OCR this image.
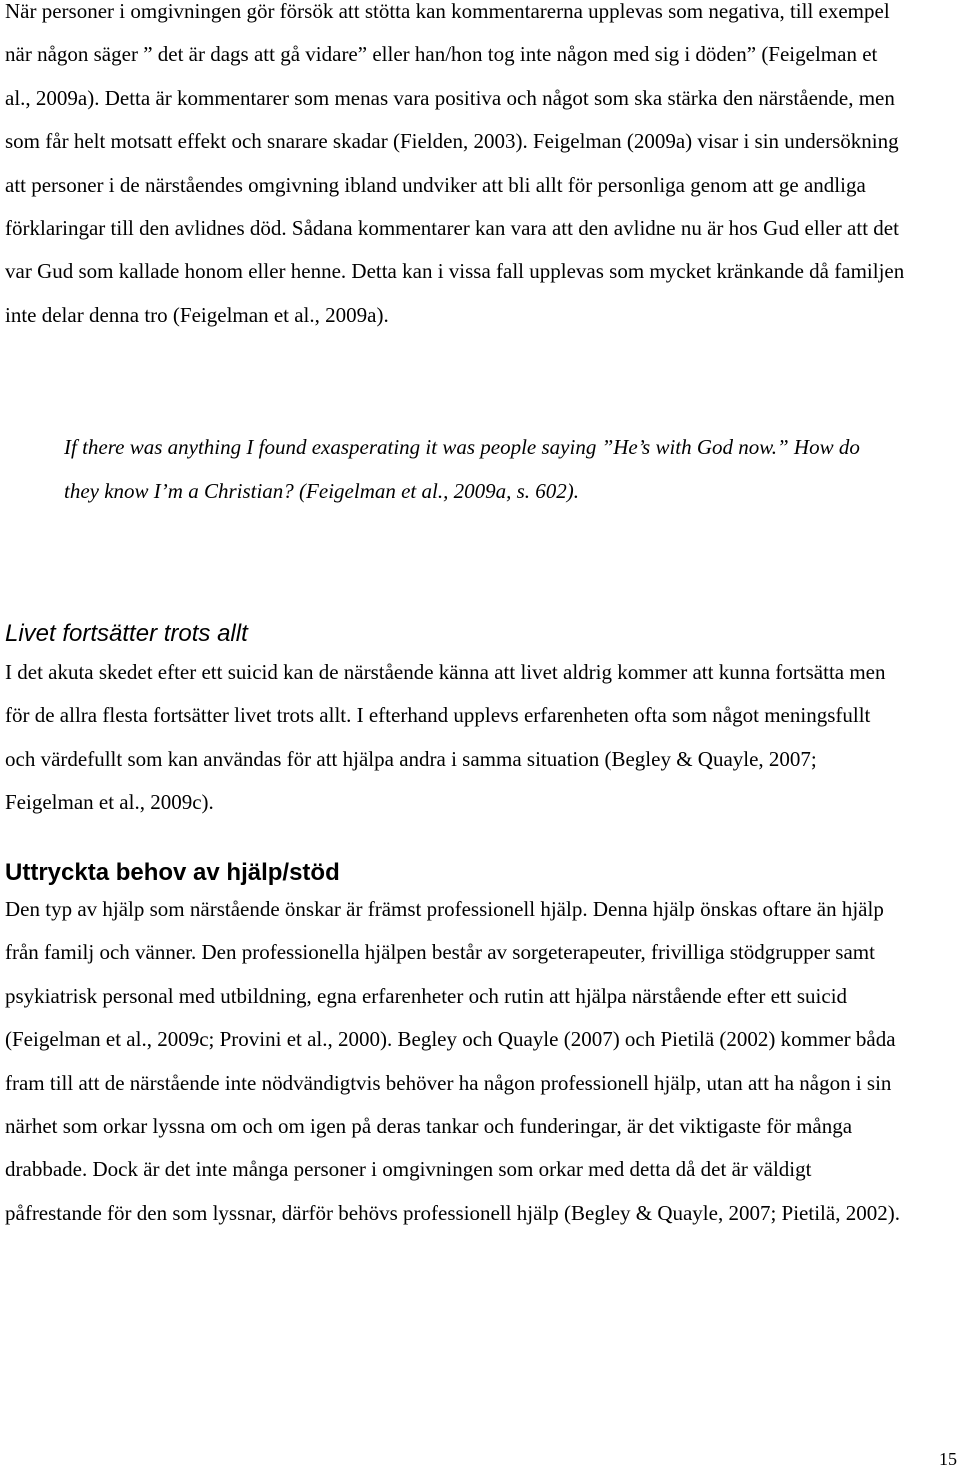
När personer i omgivningen gör försök att stötta kan kommentarerna upplevas som negativa, till exempel när någon säger ” det är dags att gå vidare” eller han/hon tog inte någon med sig i döden” (Feigelman et al., 2009a). Detta är kommentarer som menas vara positiva och något som ska stärka den närstående, men som får helt motsatt effekt och snarare skadar (Fielden, 2003). Feigelman (2009a) visar i sin undersökning att personer i de närståendes omgivning ibland undviker att bli allt för personliga genom att ge andliga förklaringar till den avlidnes död. Sådana kommentarer kan vara att den avlidne nu är hos Gud eller att det var Gud som kallade honom eller henne. Detta kan i vissa fall upplevas som mycket kränkande då familjen inte delar denna tro (Feigelman et al., 2009a).

If there was anything I found exasperating it was people saying ”He’s with God now.” How do they know I’m a Christian? (Feigelman et al., 2009a, s. 602).

Livet fortsätter trots allt

I det akuta skedet efter ett suicid kan de närstående känna att livet aldrig kommer att kunna fortsätta men för de allra flesta fortsätter livet trots allt. I efterhand upplevs erfarenheten ofta som något meningsfullt och värdefullt som kan användas för att hjälpa andra i samma situation (Begley & Quayle, 2007; Feigelman et al., 2009c).

Uttryckta behov av hjälp/stöd

Den typ av hjälp som närstående önskar är främst professionell hjälp. Denna hjälp önskas oftare än hjälp från familj och vänner. Den professionella hjälpen består av sorgeterapeuter, frivilliga stödgrupper samt psykiatrisk personal med utbildning, egna erfarenheter och rutin att hjälpa närstående efter ett suicid (Feigelman et al., 2009c; Provini et al., 2000). Begley och Quayle (2007) och Pietilä (2002) kommer båda fram till att de närstående inte nödvändigtvis behöver ha någon professionell hjälp, utan att ha någon i sin närhet som orkar lyssna om och om igen på deras tankar och funderingar, är det viktigaste för många drabbade. Dock är det inte många personer i omgivningen som orkar med detta då det är väldigt påfrestande för den som lyssnar, därför behövs professionell hjälp (Begley & Quayle, 2007; Pietilä, 2002).

15
